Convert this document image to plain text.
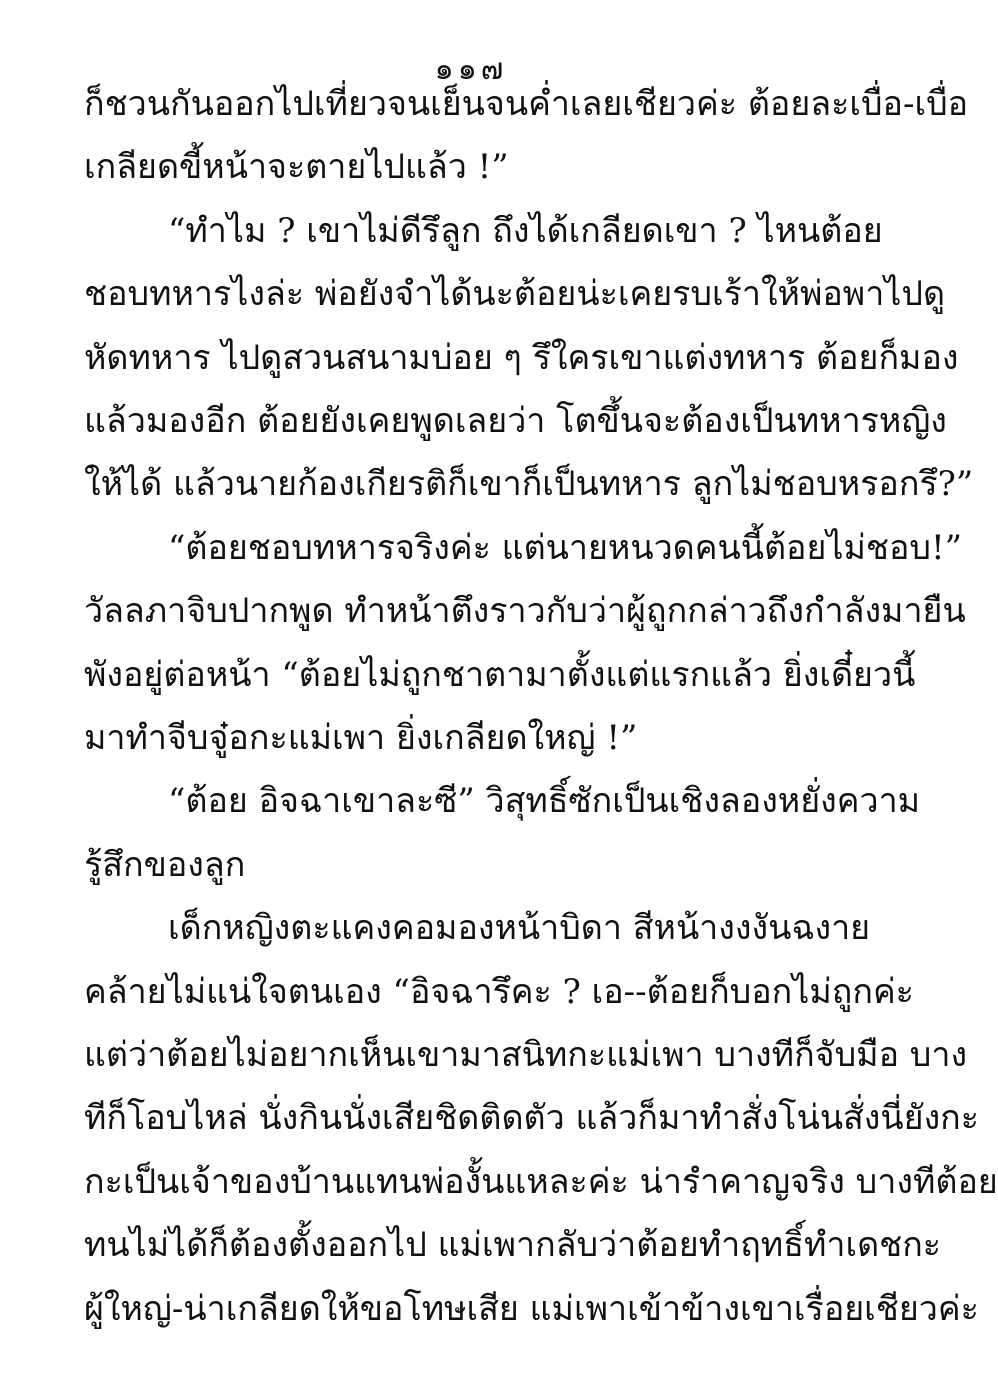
๑๑๗
ก็ชวนกันออกไปเที่ยวจนเย็นจนค่ำเลยเชียวค่ะ ต้อยละเบื่อ-เบื่อ
เกลียดขี้หน้าจะตายไปแล้ว !”
“ทำไม ? เขาไม่ดีรึลูก ถึงได้เกลียดเขา ? ไหนต้อย
ชอบทหารไงล่ะ พ่อยังจำได้นะต้อยน่ะเคยรบเร้าให้พ่อพาไปดู
หัดทหาร ไปดูสวนสนามบ่อย ๆ รึใครเขาแต่งทหาร ต้อยก็มอง
แล้วมองอีก ต้อยยังเคยพูดเลยว่า โตขึ้นจะต้องเป็นทหารหญิง
ให้ได้ แล้วนายก้องเกียรติก็เขาก็เป็นทหาร ลูกไม่ชอบหรอกรึ?”
“ต้อยชอบทหารจริงค่ะ แต่นายหนวดคนนี้ต้อยไม่ชอบ!”
วัลลภาจิบปากพูด ทำหน้าตึงราวกับว่าผู้ถูกกล่าวถึงกำลังมายืน
พังอยู่ต่อหน้า “ต้อยไม่ถูกชาตามาตั้งแต่แรกแล้ว ยิ่งเดี๋ยวนี้
มาทำจีบจู๋อกะแม่เพา ยิ่งเกลียดใหญ่ !”
“ต้อย อิจฉาเขาละซี” วิสุทธิ์ซักเป็นเชิงลองหยั่งความ
รู้สึกของลูก
เด็กหญิงตะแคงคอมองหน้าบิดา สีหน้างงงันฉงาย
คล้ายไม่แน่ใจตนเอง “อิจฉารึคะ ? เอ--ต้อยก็บอกไม่ถูกค่ะ
แต่ว่าต้อยไม่อยากเห็นเขามาสนิทกะแม่เพา บางทีก็จับมือ บาง
ทีก็โอบไหล่ นั่งกินนั่งเสียชิดติดตัว แล้วก็มาทำสั่งโน่นสั่งนี่ยังกะ
กะเป็นเจ้าของบ้านแทนพ่องั้นแหละค่ะ น่ารำคาญจริง บางทีต้อย
ทนไม่ได้ก็ต้องตั้งออกไป แม่เพากลับว่าต้อยทำฤทธิ์ทำเดชกะ
ผู้ใหญ่-น่าเกลียดให้ขอโทษเสีย แม่เพาเข้าข้างเขาเรื่อยเชียวค่ะ
